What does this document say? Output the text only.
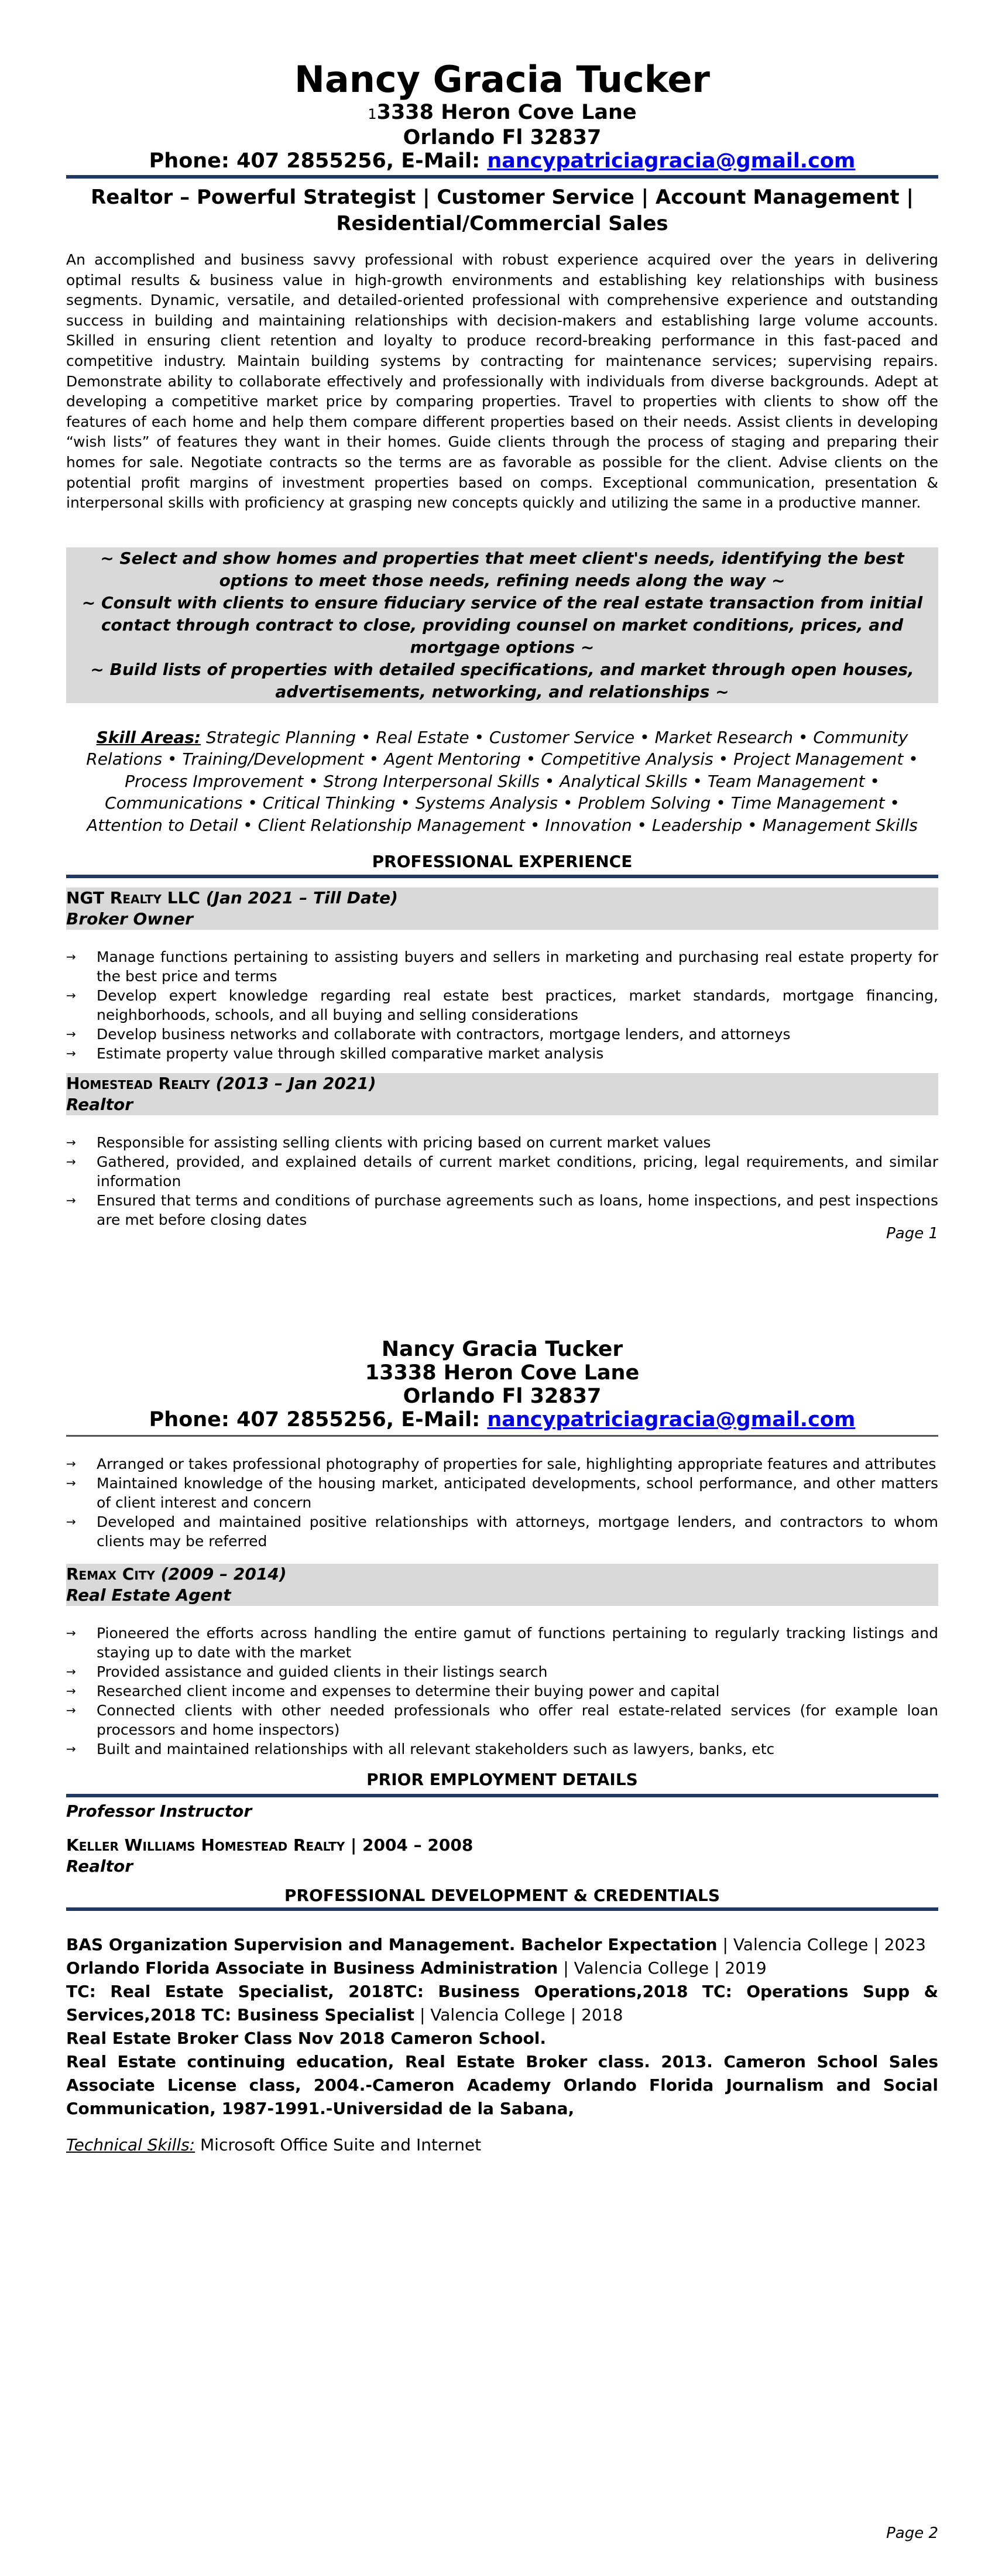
Nancy Gracia Tucker
13338 Heron Cove Lane
Orlando Fl 32837
Phone: 407 2855256, E-Mail: nancypatriciagracia@gmail.com
Realtor – Powerful Strategist | Customer Service | Account Management | Residential/Commercial Sales

An accomplished and business savvy professional with robust experience acquired over the years in delivering optimal results & business value in high-growth environments and establishing key relationships with business segments. Dynamic, versatile, and detailed-oriented professional with comprehensive experience and outstanding success in building and maintaining relationships with decision-makers and establishing large volume accounts. Skilled in ensuring client retention and loyalty to produce record-breaking performance in this fast-paced and competitive industry. Maintain building systems by contracting for maintenance services; supervising repairs. Demonstrate ability to collaborate effectively and professionally with individuals from diverse backgrounds. Adept at developing a competitive market price by comparing properties. Travel to properties with clients to show off the features of each home and help them compare different properties based on their needs. Assist clients in developing “wish lists” of features they want in their homes. Guide clients through the process of staging and preparing their homes for sale. Negotiate contracts so the terms are as favorable as possible for the client. Advise clients on the potential profit margins of investment properties based on comps. Exceptional communication, presentation & interpersonal skills with proficiency at grasping new concepts quickly and utilizing the same in a productive manner.

~ Select and show homes and properties that meet client's needs, identifying the best options to meet those needs, refining needs along the way ~
~ Consult with clients to ensure fiduciary service of the real estate transaction from initial contact through contract to close, providing counsel on market conditions, prices, and mortgage options ~
~ Build lists of properties with detailed specifications, and market through open houses, advertisements, networking, and relationships ~
Skill Areas: Strategic Planning • Real Estate • Customer Service • Market Research • Community Relations • Training/Development • Agent Mentoring • Competitive Analysis • Project Management • Process Improvement • Strong Interpersonal Skills • Analytical Skills • Team Management • Communications • Critical Thinking • Systems Analysis • Problem Solving • Time Management • Attention to Detail • Client Relationship Management • Innovation • Leadership • Management Skills
PROFESSIONAL EXPERIENCE
NGT Realty LLC (Jan 2021 – Till Date)
Broker Owner
→ Manage functions pertaining to assisting buyers and sellers in marketing and purchasing real estate property for the best price and terms
→ Develop expert knowledge regarding real estate best practices, market standards, mortgage financing, neighborhoods, schools, and all buying and selling considerations
→ Develop business networks and collaborate with contractors, mortgage lenders, and attorneys
→ Estimate property value through skilled comparative market analysis
Homestead Realty (2013 – Jan 2021)
Realtor
→ Responsible for assisting selling clients with pricing based on current market values
→ Gathered, provided, and explained details of current market conditions, pricing, legal requirements, and similar information
→ Ensured that terms and conditions of purchase agreements such as loans, home inspections, and pest inspections are met before closing dates
Page 1
Nancy Gracia Tucker
13338 Heron Cove Lane
Orlando Fl 32837
Phone: 407 2855256, E-Mail: nancypatriciagracia@gmail.com
→ Arranged or takes professional photography of properties for sale, highlighting appropriate features and attributes
→ Maintained knowledge of the housing market, anticipated developments, school performance, and other matters of client interest and concern
→ Developed and maintained positive relationships with attorneys, mortgage lenders, and contractors to whom clients may be referred
Remax City (2009 – 2014)
Real Estate Agent
→ Pioneered the efforts across handling the entire gamut of functions pertaining to regularly tracking listings and staying up to date with the market
→ Provided assistance and guided clients in their listings search
→ Researched client income and expenses to determine their buying power and capital
→ Connected clients with other needed professionals who offer real estate-related services (for example loan processors and home inspectors)
→ Built and maintained relationships with all relevant stakeholders such as lawyers, banks, etc
PRIOR EMPLOYMENT DETAILS
Professor Instructor
Keller Williams Homestead Realty | 2004 – 2008
Realtor
PROFESSIONAL DEVELOPMENT & CREDENTIALS
BAS Organization Supervision and Management. Bachelor Expectation | Valencia College | 2023
Orlando Florida Associate in Business Administration | Valencia College | 2019
TC: Real Estate Specialist, 2018TC: Business Operations,2018 TC: Operations Supp & Services,2018 TC: Business Specialist | Valencia College | 2018
Real Estate Broker Class Nov 2018 Cameron School.
Real Estate continuing education, Real Estate Broker class. 2013. Cameron School Sales Associate License class, 2004.-Cameron Academy Orlando Florida Journalism and Social Communication, 1987-1991.-Universidad de la Sabana,
Technical Skills: Microsoft Office Suite and Internet
Page 2
